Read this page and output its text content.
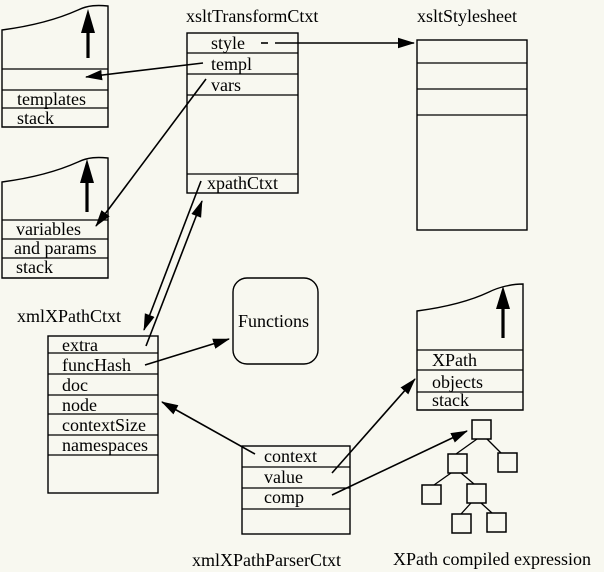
xsltTransformCtxt	xsltStylesheet
xmlXPathCtxt
xmlXPathParserCtxt	XPath compiled expression
style
templ
vars
xpathCtxt
templates
stack
variables
and params
stack
extra
funcHash
doc
node
contextSize
namespaces
Functions
XPath
objects
stack
context
value
comp
